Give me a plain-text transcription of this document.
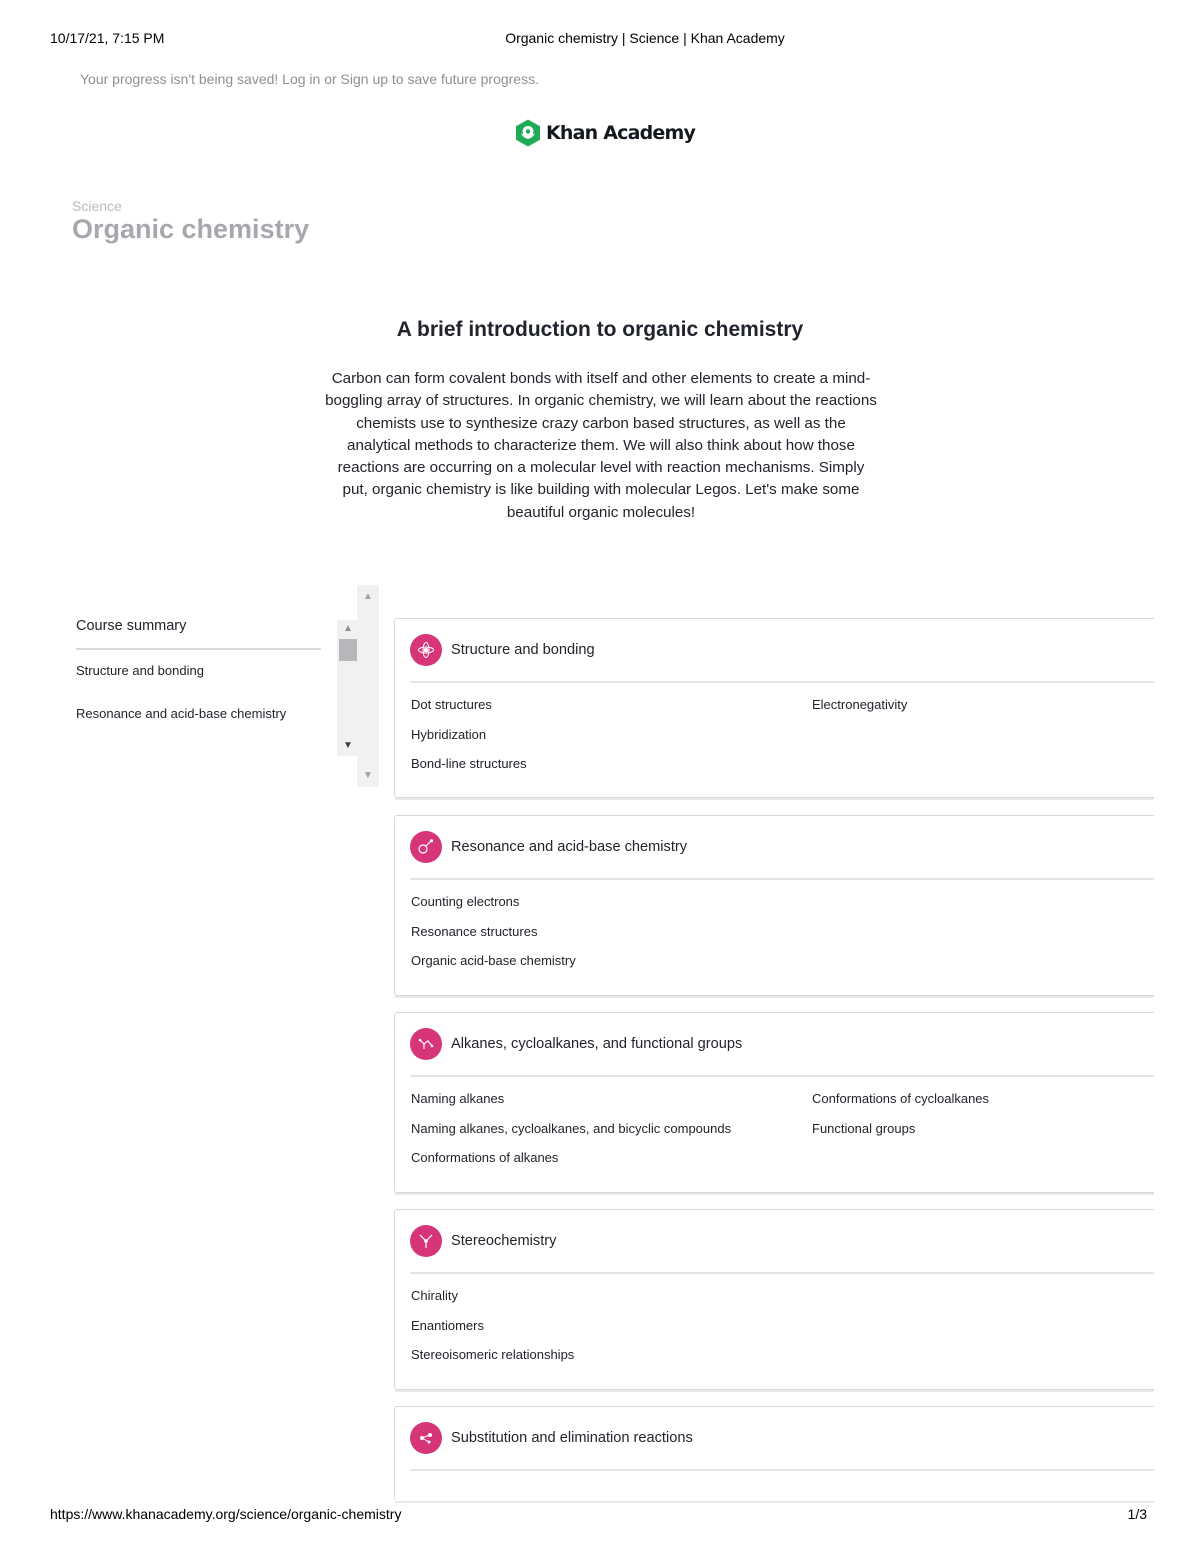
10/17/21, 7:15 PM	Organic chemistry | Science | Khan Academy
Your progress isn't being saved! Log in or Sign up to save future progress.
Khan Academy
Science
Organic chemistry
A brief introduction to organic chemistry

Carbon can form covalent bonds with itself and other elements to create a mind-boggling array of structures. In organic chemistry, we will learn about the reactions chemists use to synthesize crazy carbon based structures, as well as the analytical methods to characterize them. We will also think about how those reactions are occurring on a molecular level with reaction mechanisms. Simply put, organic chemistry is like building with molecular Legos. Let's make some beautiful organic molecules!

▲
▼
Course summary
Structure and bonding
Resonance and acid-base chemistry
▲
▼
Structure and bonding
Dot structures
Hybridization
Bond-line structures
Electronegativity
Resonance and acid-base chemistry
Counting electrons
Resonance structures
Organic acid-base chemistry
Alkanes, cycloalkanes, and functional groups
Naming alkanes
Naming alkanes, cycloalkanes, and bicyclic compounds
Conformations of alkanes
Conformations of cycloalkanes
Functional groups
Stereochemistry
Chirality
Enantiomers
Stereoisomeric relationships
Substitution and elimination reactions
https://www.khanacademy.org/science/organic-chemistry	1/3
